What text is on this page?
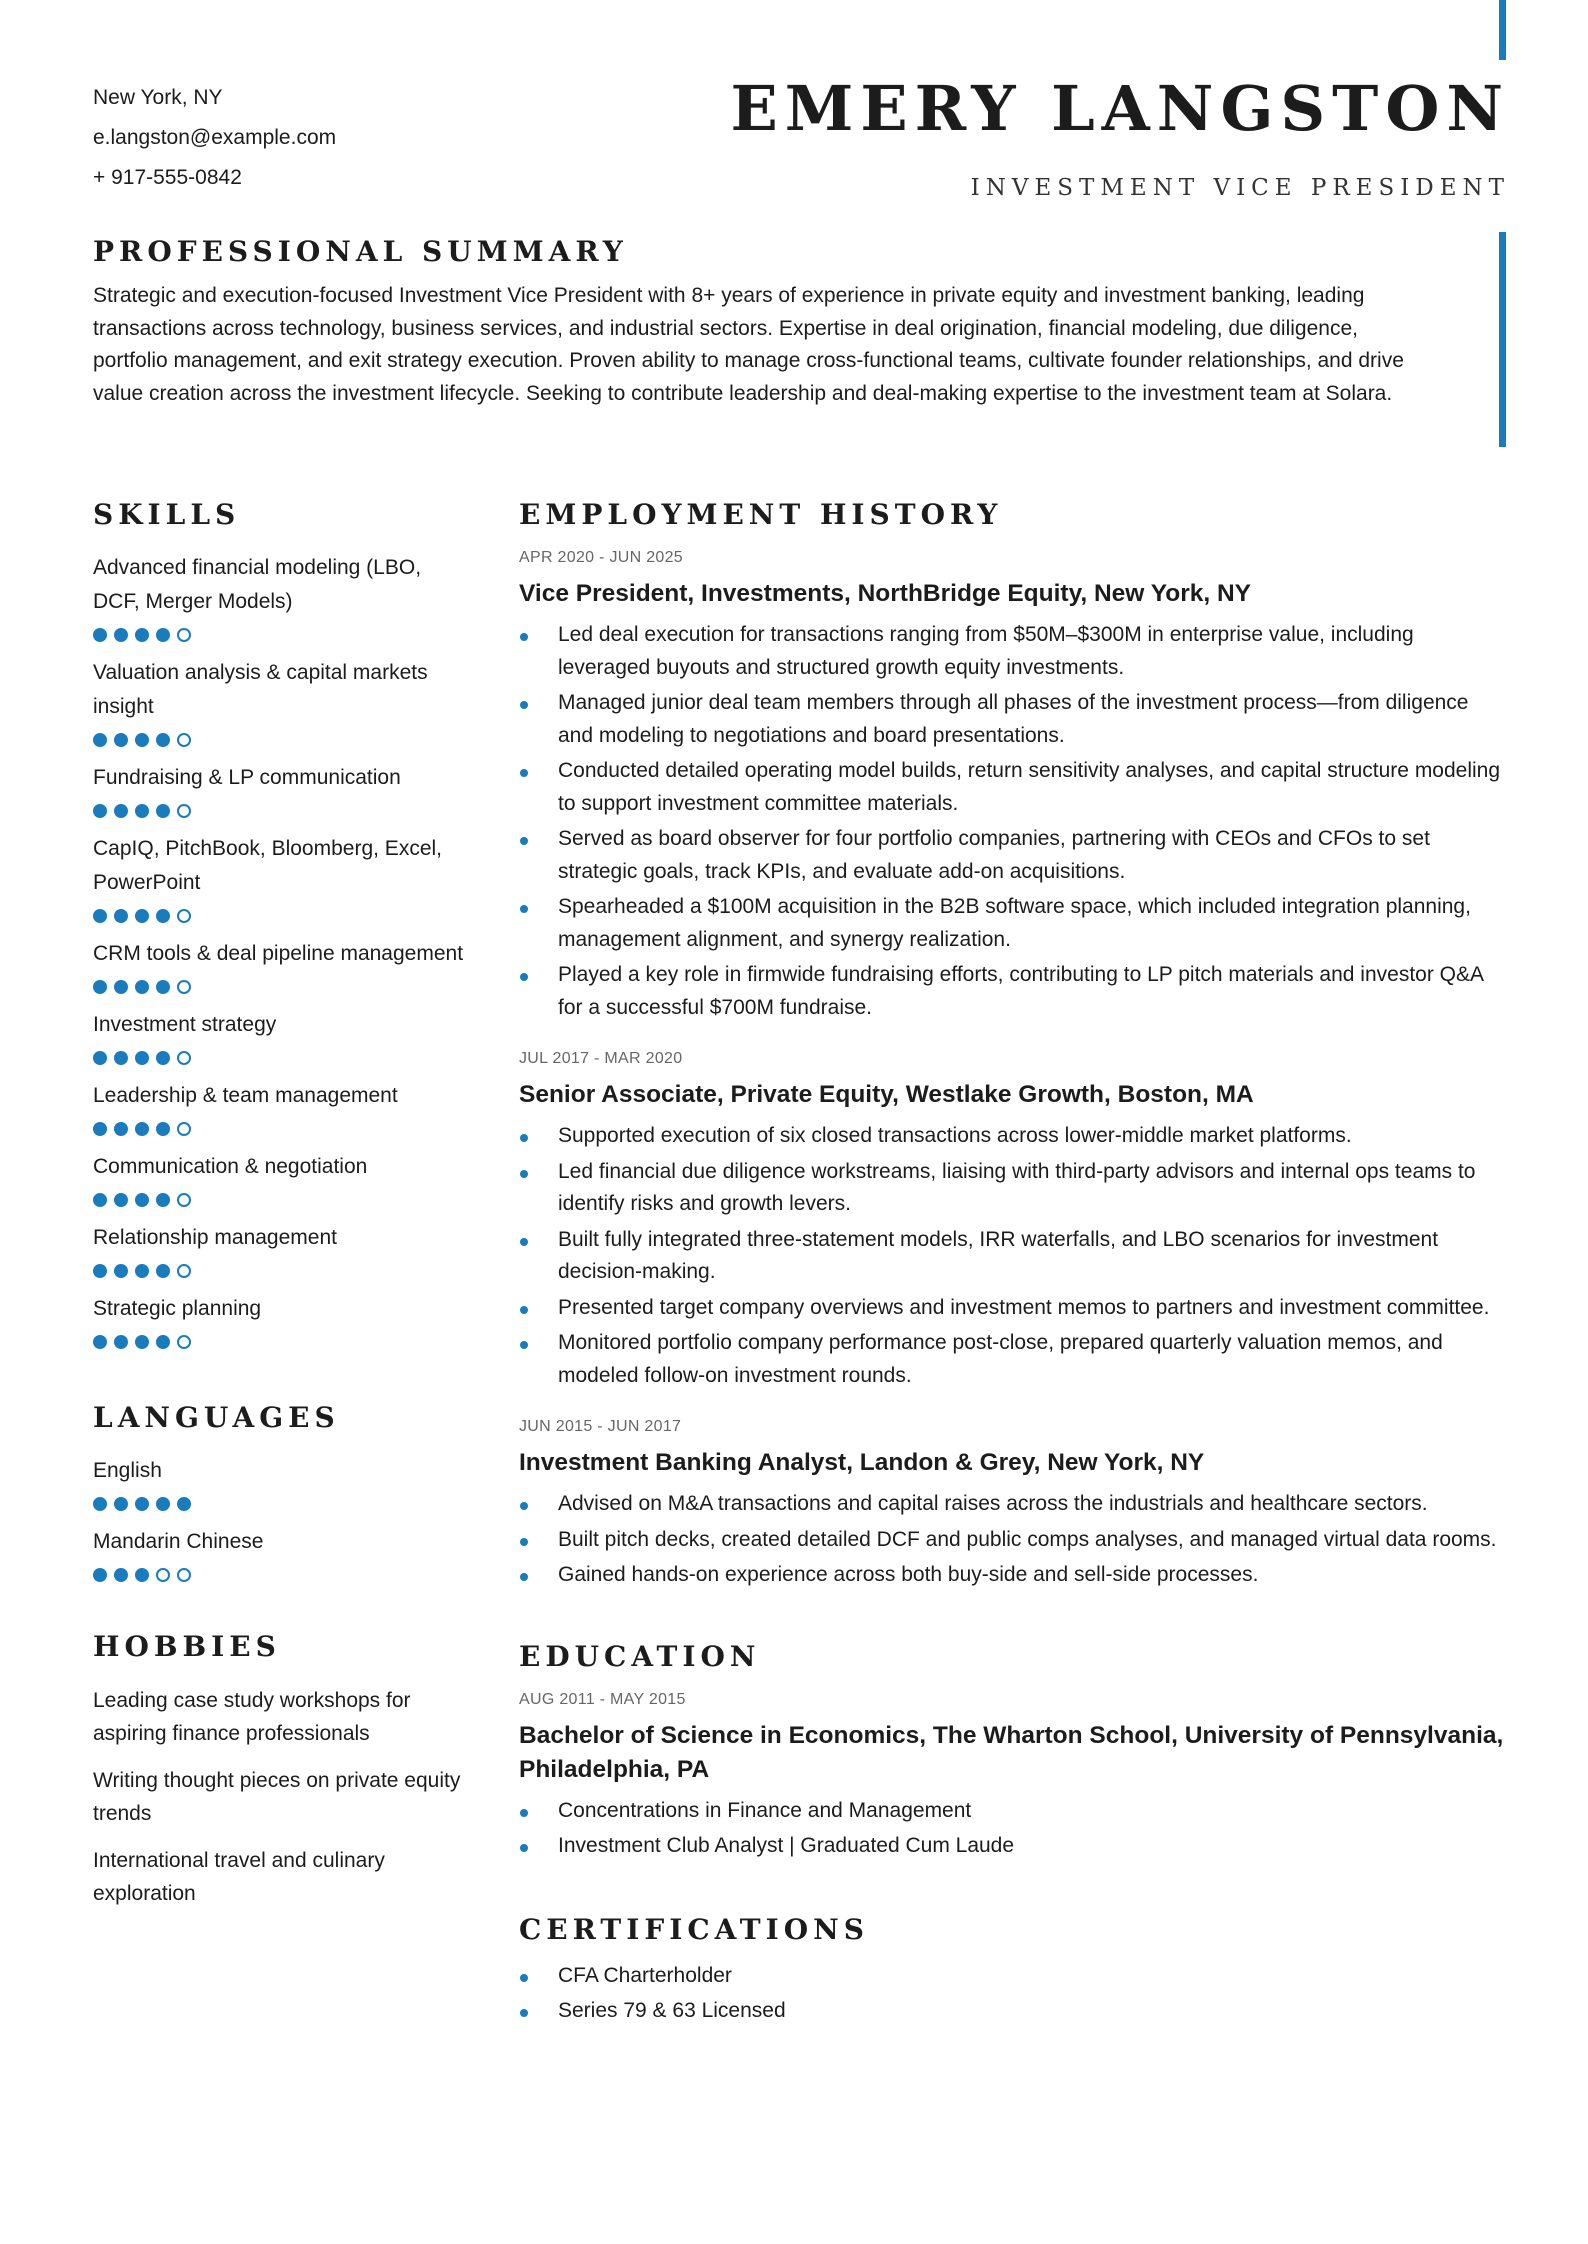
New York, NY
e.langston@example.com
+ 917-555-0842
EMERY LANGSTON
INVESTMENT VICE PRESIDENT
PROFESSIONAL SUMMARY

Strategic and execution-focused Investment Vice President with 8+ years of experience in private equity and investment banking, leading transactions across technology, business services, and industrial sectors. Expertise in deal origination, financial modeling, due diligence, portfolio management, and exit strategy execution. Proven ability to manage cross-functional teams, cultivate founder relationships, and drive value creation across the investment lifecycle. Seeking to contribute leadership and deal-making expertise to the investment team at Solara.

SKILLS
Advanced financial modeling (LBO, DCF, Merger Models)
Valuation analysis & capital markets insight
Fundraising & LP communication
CapIQ, PitchBook, Bloomberg, Excel, PowerPoint
CRM tools & deal pipeline management
Investment strategy
Leadership & team management
Communication & negotiation
Relationship management
Strategic planning
LANGUAGES
English
Mandarin Chinese
HOBBIES
Leading case study workshops for aspiring finance professionals
Writing thought pieces on private equity trends
International travel and culinary exploration
EMPLOYMENT HISTORY
APR 2020 - JUN 2025
Vice President, Investments, NorthBridge Equity, New York, NY
Led deal execution for transactions ranging from $50M–$300M in enterprise value, including leveraged buyouts and structured growth equity investments.
Managed junior deal team members through all phases of the investment process—from diligence and modeling to negotiations and board presentations.
Conducted detailed operating model builds, return sensitivity analyses, and capital structure modeling to support investment committee materials.
Served as board observer for four portfolio companies, partnering with CEOs and CFOs to set strategic goals, track KPIs, and evaluate add-on acquisitions.
Spearheaded a $100M acquisition in the B2B software space, which included integration planning, management alignment, and synergy realization.
Played a key role in firmwide fundraising efforts, contributing to LP pitch materials and investor Q&A for a successful $700M fundraise.
JUL 2017 - MAR 2020
Senior Associate, Private Equity, Westlake Growth, Boston, MA
Supported execution of six closed transactions across lower-middle market platforms.
Led financial due diligence workstreams, liaising with third-party advisors and internal ops teams to identify risks and growth levers.
Built fully integrated three-statement models, IRR waterfalls, and LBO scenarios for investment decision-making.
Presented target company overviews and investment memos to partners and investment committee.
Monitored portfolio company performance post-close, prepared quarterly valuation memos, and modeled follow-on investment rounds.
JUN 2015 - JUN 2017
Investment Banking Analyst, Landon & Grey, New York, NY
Advised on M&A transactions and capital raises across the industrials and healthcare sectors.
Built pitch decks, created detailed DCF and public comps analyses, and managed virtual data rooms.
Gained hands-on experience across both buy-side and sell-side processes.
EDUCATION
AUG 2011 - MAY 2015
Bachelor of Science in Economics, The Wharton School, University of Pennsylvania, Philadelphia, PA
Concentrations in Finance and Management
Investment Club Analyst | Graduated Cum Laude
CERTIFICATIONS
CFA Charterholder
Series 79 & 63 Licensed
